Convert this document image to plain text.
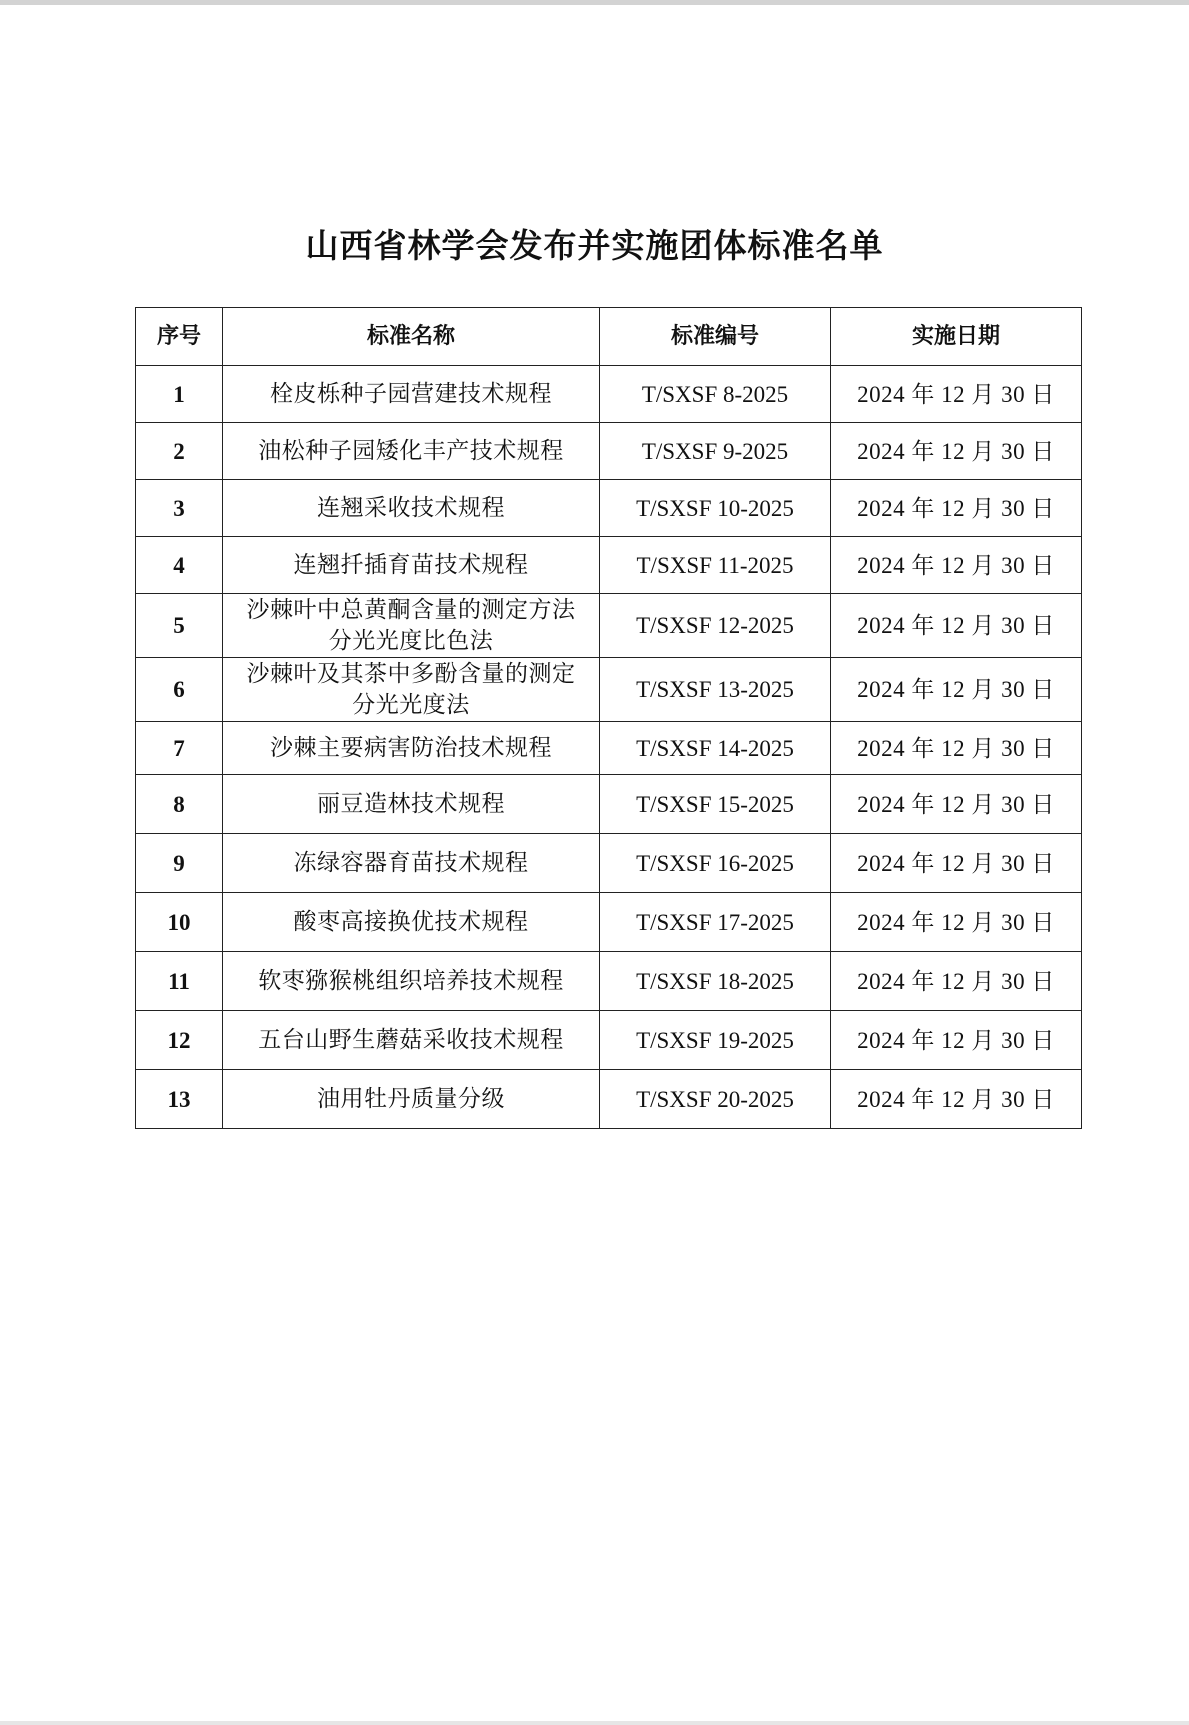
山西省林学会发布并实施团体标准名单
序号	标准名称	标准编号	实施日期
1	栓皮栎种子园营建技术规程	T/SXSF 8-2025	2024 年 12 月 30 日
2	油松种子园矮化丰产技术规程	T/SXSF 9-2025	2024 年 12 月 30 日
3	连翘采收技术规程	T/SXSF 10-2025	2024 年 12 月 30 日
4	连翘扦插育苗技术规程	T/SXSF 11-2025	2024 年 12 月 30 日
5	沙棘叶中总黄酮含量的测定方法
分光光度比色法	T/SXSF 12-2025	2024 年 12 月 30 日
6	沙棘叶及其茶中多酚含量的测定
分光光度法	T/SXSF 13-2025	2024 年 12 月 30 日
7	沙棘主要病害防治技术规程	T/SXSF 14-2025	2024 年 12 月 30 日
8	丽豆造林技术规程	T/SXSF 15-2025	2024 年 12 月 30 日
9	冻绿容器育苗技术规程	T/SXSF 16-2025	2024 年 12 月 30 日
10	酸枣高接换优技术规程	T/SXSF 17-2025	2024 年 12 月 30 日
11	软枣猕猴桃组织培养技术规程	T/SXSF 18-2025	2024 年 12 月 30 日
12	五台山野生蘑菇采收技术规程	T/SXSF 19-2025	2024 年 12 月 30 日
13	油用牡丹质量分级	T/SXSF 20-2025	2024 年 12 月 30 日
